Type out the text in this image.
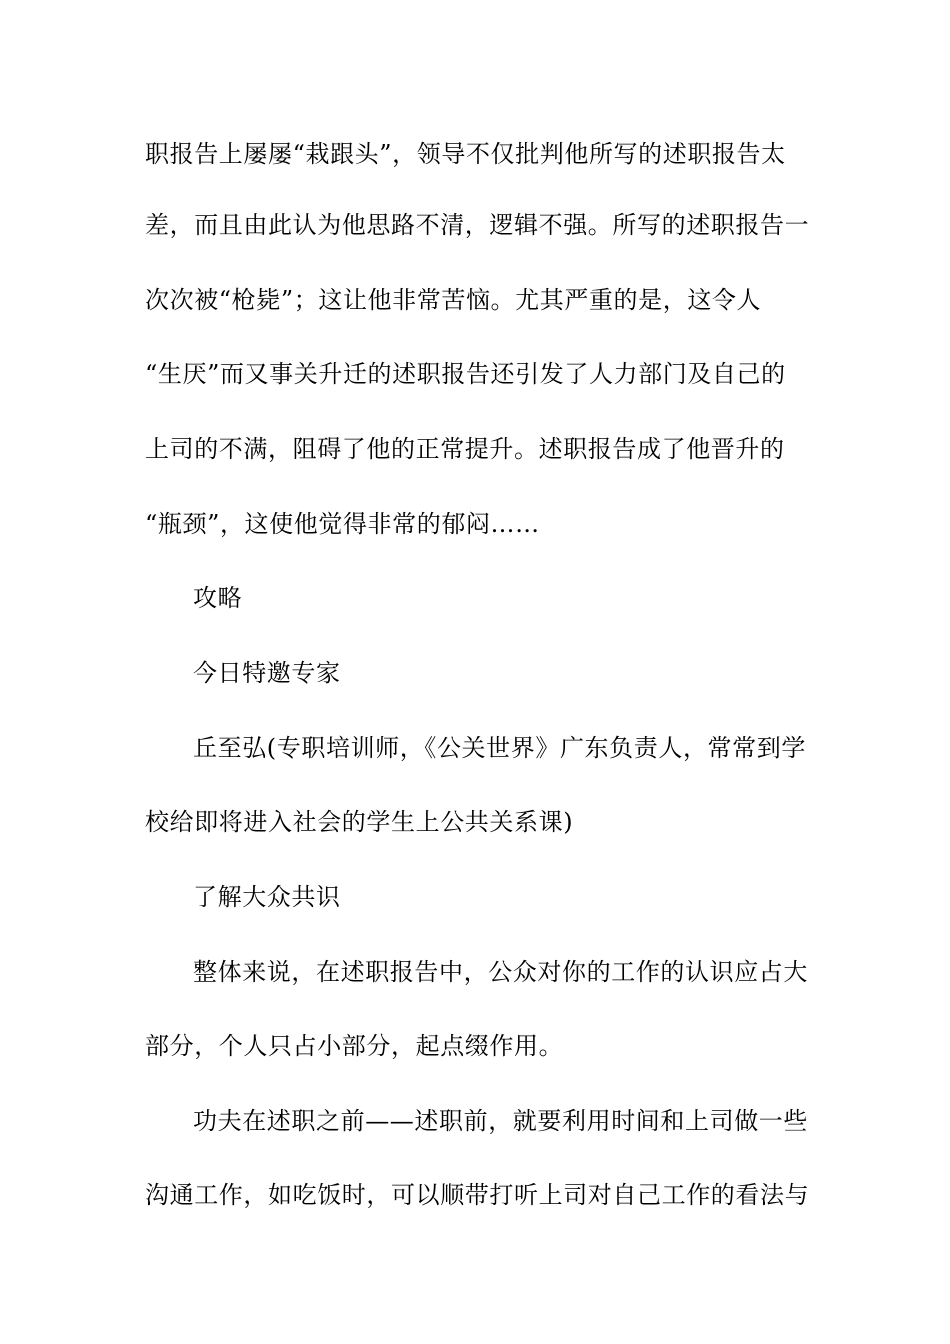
职报告上屡屡“栽跟头”，领导不仅批判他所写的述职报告太
差，而且由此认为他思路不清，逻辑不强。所写的述职报告一
次次被“枪毙”；这让他非常苦恼。尤其严重的是，这令人
“生厌”而又事关升迁的述职报告还引发了人力部门及自己的
上司的不满，阻碍了他的正常提升。述职报告成了他晋升的
“瓶颈”，这使他觉得非常的郁闷……
攻略
今日特邀专家
丘至弘(专职培训师，《公关世界》广东负责人，常常到学
校给即将进入社会的学生上公共关系课)
了解大众共识
整体来说，在述职报告中，公众对你的工作的认识应占大
部分，个人只占小部分，起点缀作用。
功夫在述职之前——述职前，就要利用时间和上司做一些
沟通工作，如吃饭时，可以顺带打听上司对自己工作的看法与
